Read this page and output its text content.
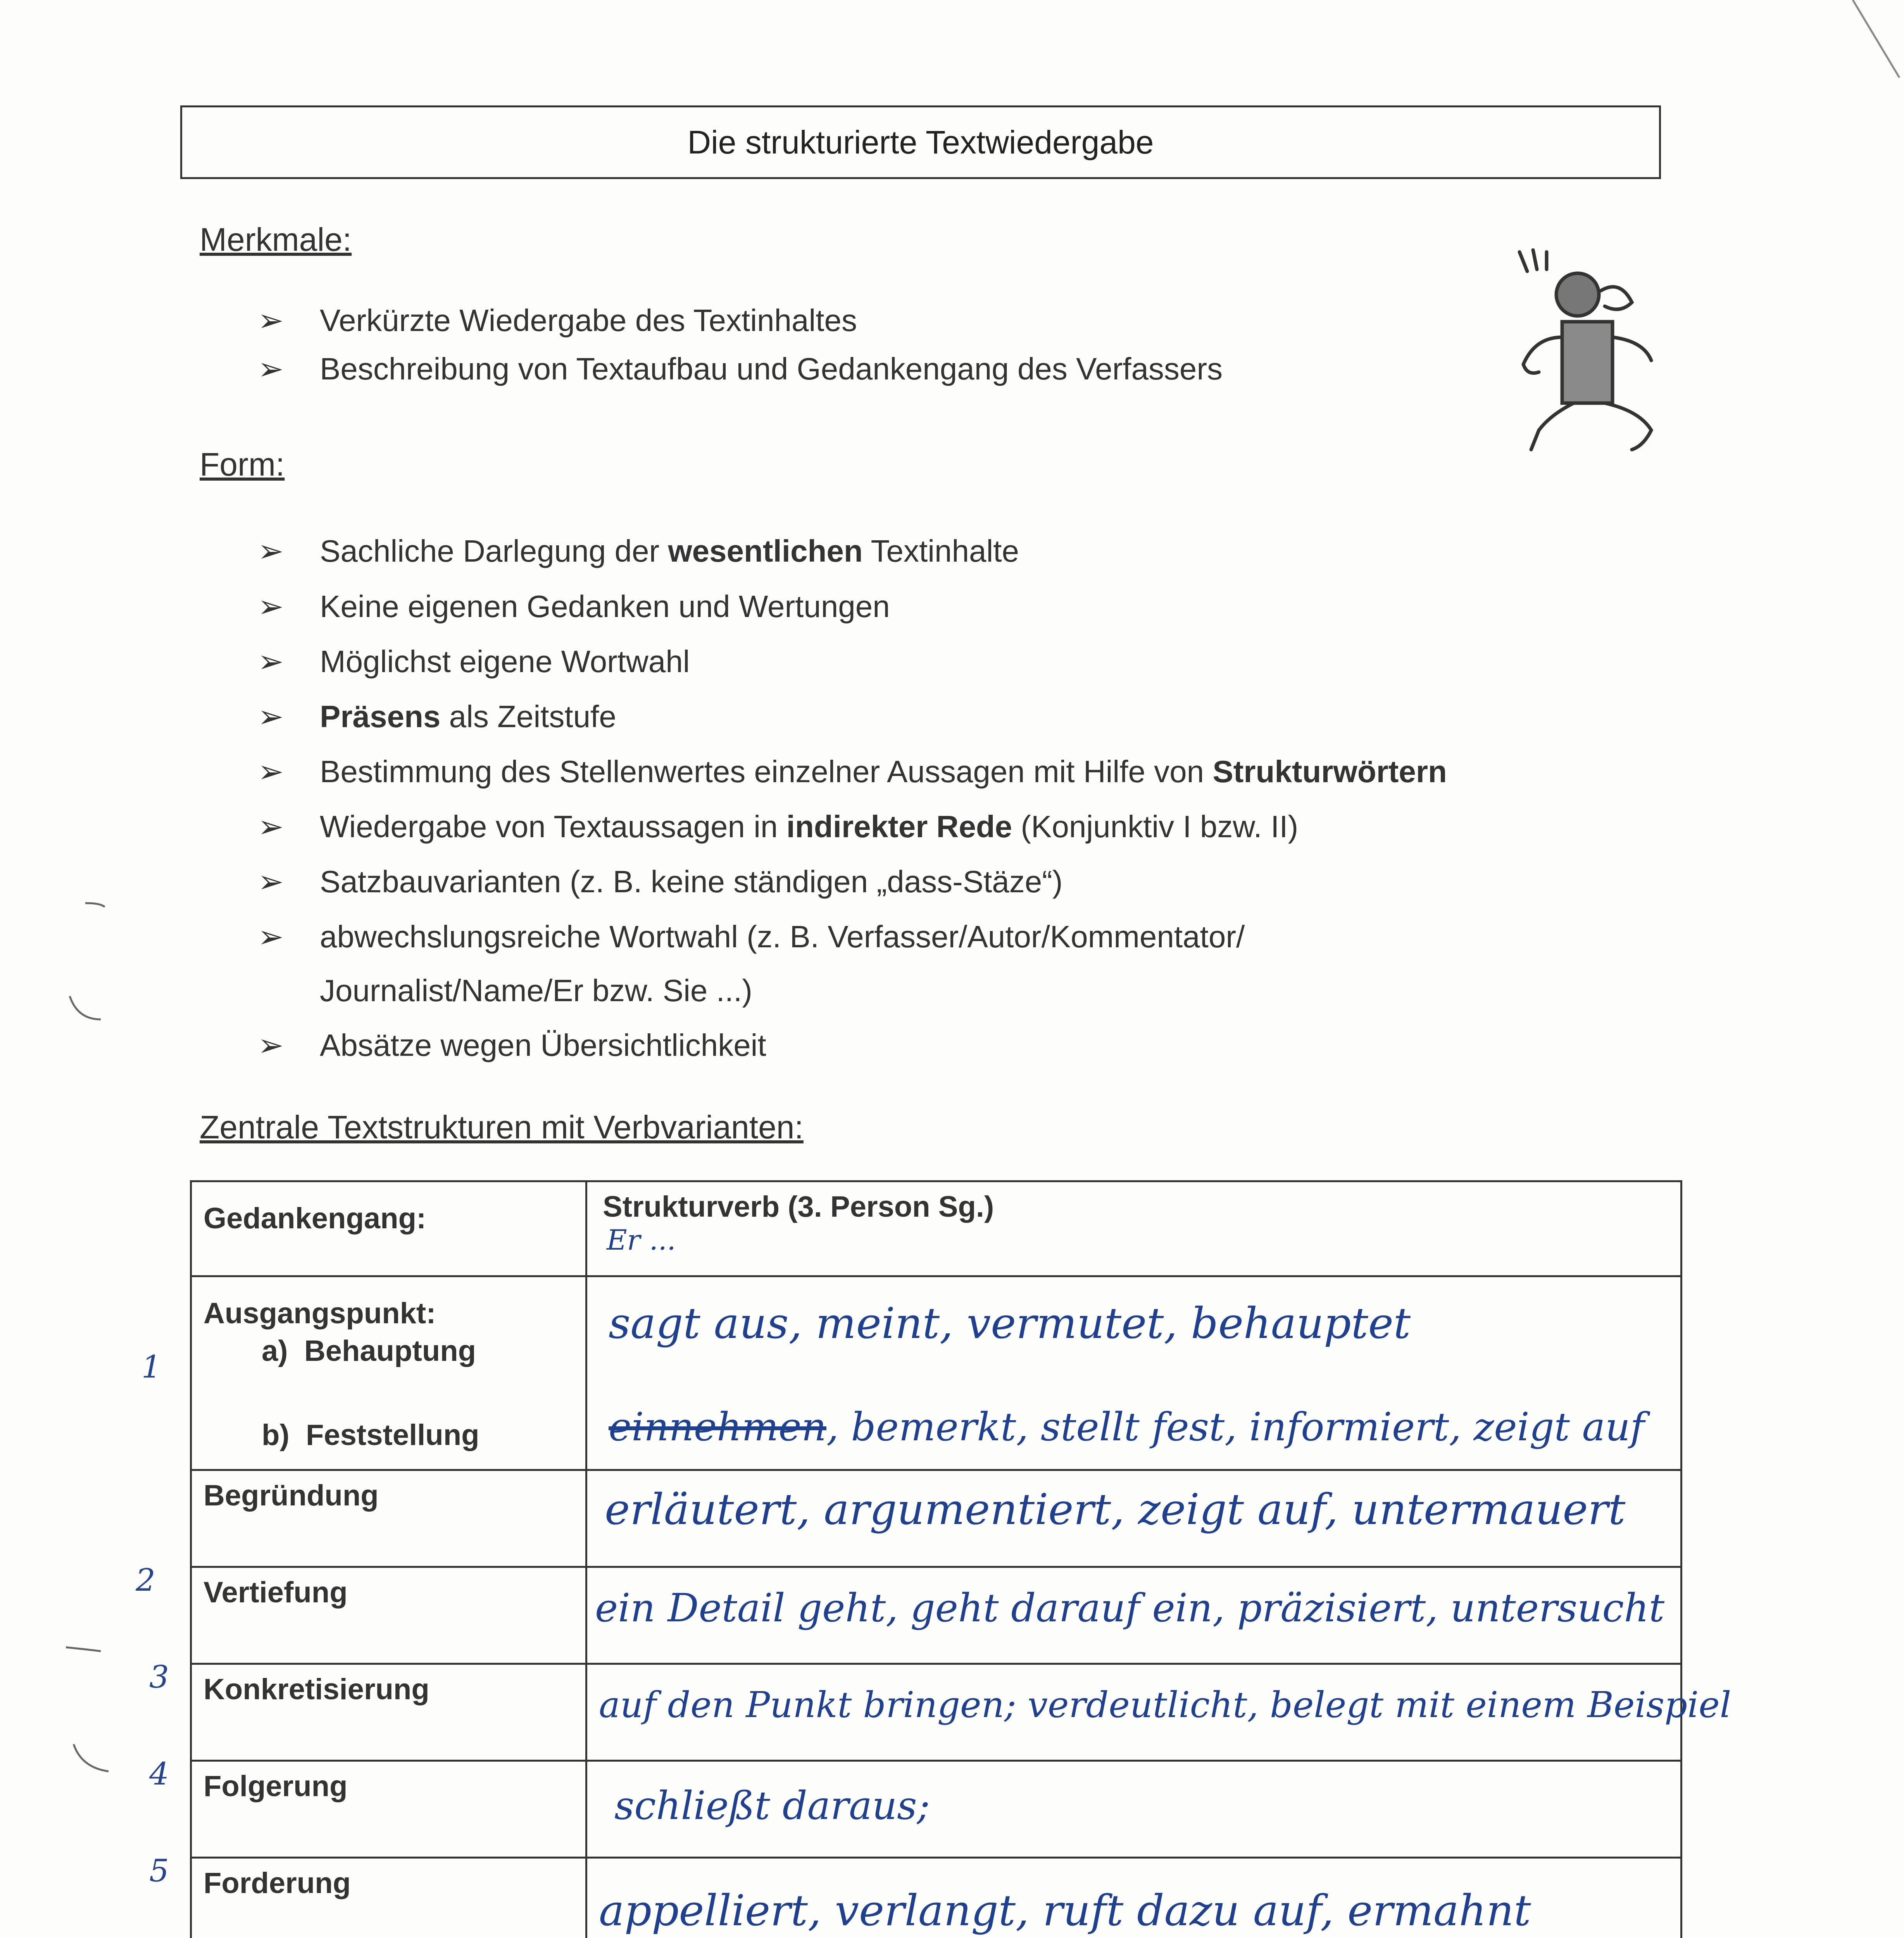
Die strukturierte Textwiedergabe
Merkmale:
➢ Verkürzte Wiedergabe des Textinhaltes
➢ Beschreibung von Textaufbau und Gedankengang des Verfassers
Form:
➢ Sachliche Darlegung der wesentlichen Textinhalte
➢ Keine eigenen Gedanken und Wertungen
➢ Möglichst eigene Wortwahl
➢ Präsens als Zeitstufe
➢ Bestimmung des Stellenwertes einzelner Aussagen mit Hilfe von Strukturwörtern
➢ Wiedergabe von Textaussagen in indirekter Rede (Konjunktiv I bzw. II)
➢ Satzbauvarianten (z. B. keine ständigen „dass-Stäze“)
➢ abwechslungsreiche Wortwahl (z. B. Verfasser/Autor/Kommentator/
Journalist/Name/Er bzw. Sie ...)
➢ Absätze wegen Übersichtlichkeit
Zentrale Textstrukturen mit Verbvarianten:
Gedankengang:	Strukturverb (3. Person Sg.)
Er ...

Ausgangspunkt:
a) Behauptung
b) Feststellung	sagt aus, meint, vermutet, behauptet

	einnehmen, bemerkt, stellt fest, informiert, zeigt auf

Begründung	erläutert, argumentiert, zeigt auf, untermauert

Vertiefung	ein Detail geht, geht darauf ein, präzisiert, untersucht

Konkretisierung	auf den Punkt bringen; verdeutlicht, belegt mit einem Beispiel

Folgerung	schließt daraus;

Forderung	appelliert, verlangt, ruft dazu auf, ermahnt

1
2
3
4
5
